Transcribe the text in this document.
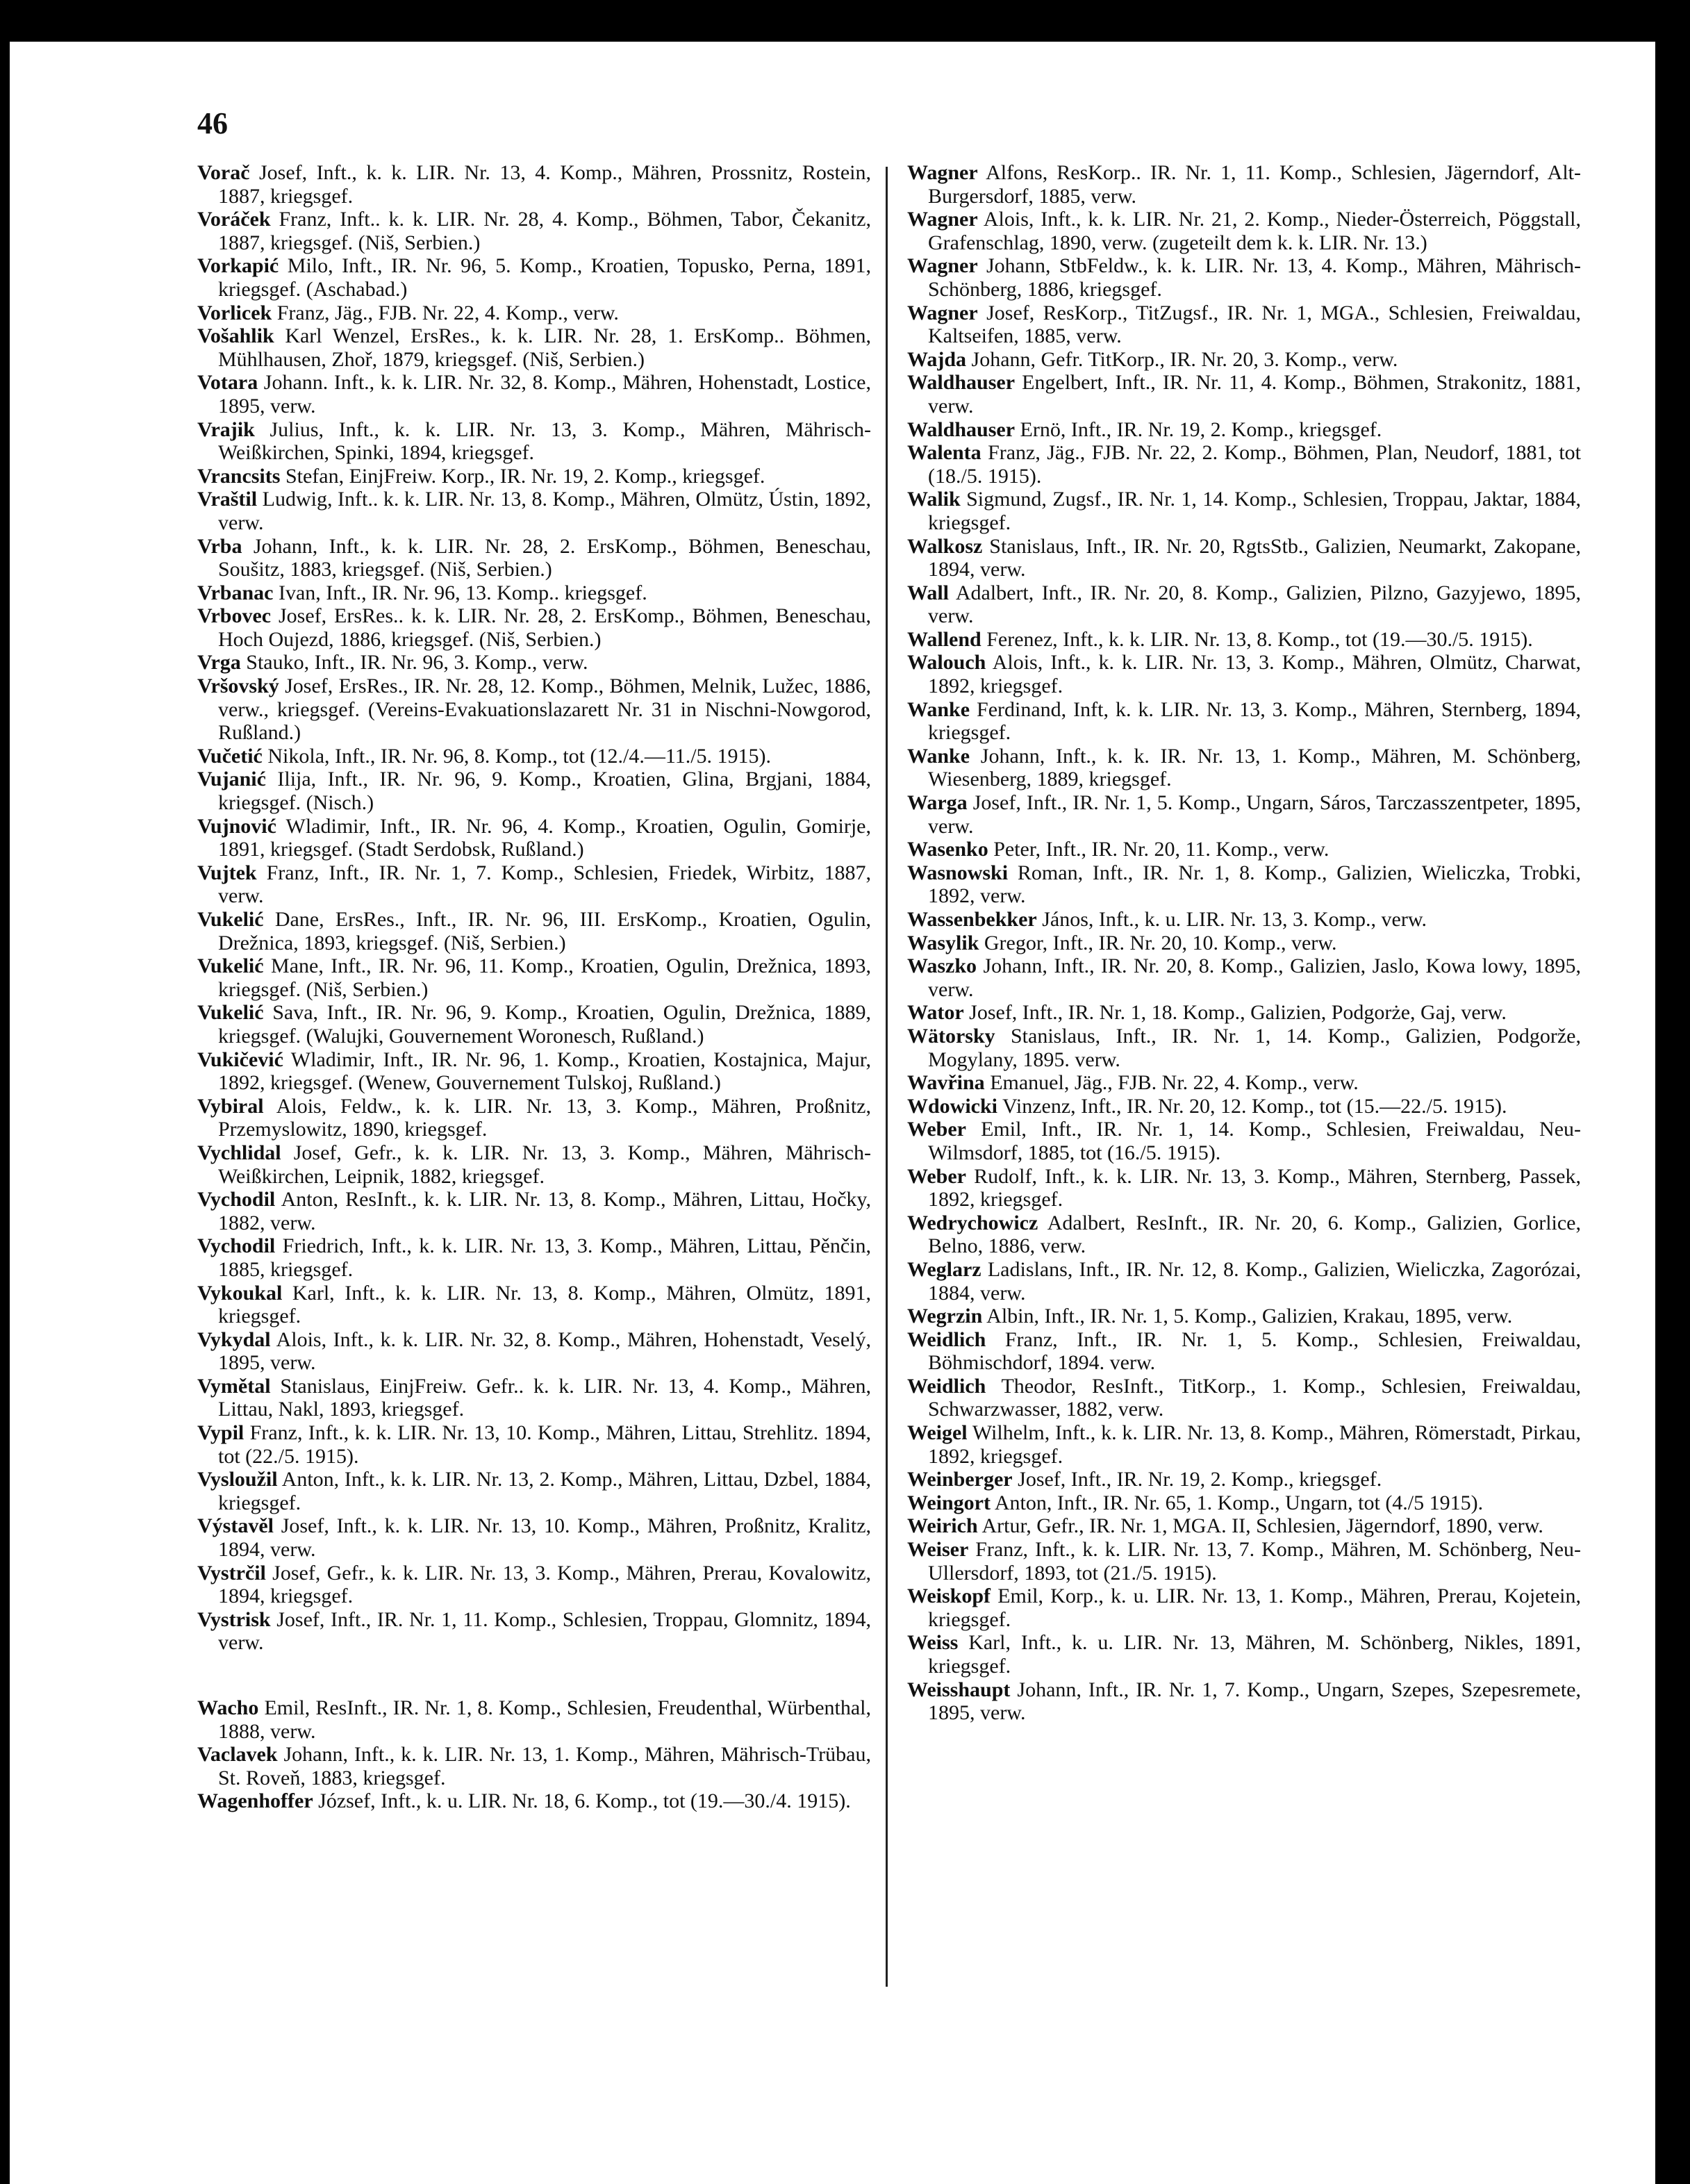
46

Vorač Josef, Inft., k. k. LIR. Nr. 13, 4. Komp., Mähren, Prossnitz, Rostein, 1887, kriegsgef.

Voráček Franz, Inft.. k. k. LIR. Nr. 28, 4. Komp., Böhmen, Tabor, Čekanitz, 1887, kriegsgef. (Niš, Serbien.)

Vorkapić Milo, Inft., IR. Nr. 96, 5. Komp., Kroatien, Topusko, Perna, 1891, kriegsgef. (Aschabad.)

Vorlicek Franz, Jäg., FJB. Nr. 22, 4. Komp., verw.

Vošahlik Karl Wenzel, ErsRes., k. k. LIR. Nr. 28, 1. ErsKomp.. Böhmen, Mühlhausen, Zhoř, 1879, kriegsgef. (Niš, Serbien.)

Votara Johann. Inft., k. k. LIR. Nr. 32, 8. Komp., Mähren, Hohenstadt, Lostice, 1895, verw.

Vrajik Julius, Inft., k. k. LIR. Nr. 13, 3. Komp., Mähren, Mährisch-Weißkirchen, Spinki, 1894, kriegsgef.

Vrancsits Stefan, EinjFreiw. Korp., IR. Nr. 19, 2. Komp., kriegsgef.

Vraštil Ludwig, Inft.. k. k. LIR. Nr. 13, 8. Komp., Mähren, Olmütz, Ústin, 1892, verw.

Vrba Johann, Inft., k. k. LIR. Nr. 28, 2. ErsKomp., Böhmen, Beneschau, Soušitz, 1883, kriegsgef. (Niš, Serbien.)

Vrbanac Ivan, Inft., IR. Nr. 96, 13. Komp.. kriegsgef.

Vrbovec Josef, ErsRes.. k. k. LIR. Nr. 28, 2. ErsKomp., Böhmen, Beneschau, Hoch Oujezd, 1886, kriegsgef. (Niš, Serbien.)

Vrga Stauko, Inft., IR. Nr. 96, 3. Komp., verw.

Vršovský Josef, ErsRes., IR. Nr. 28, 12. Komp., Böhmen, Melnik, Lužec, 1886, verw., kriegsgef. (Vereins-Evakuationslazarett Nr. 31 in Nischni-Nowgorod, Rußland.)

Vučetić Nikola, Inft., IR. Nr. 96, 8. Komp., tot (12./4.—11./5. 1915).

Vujanić Ilija, Inft., IR. Nr. 96, 9. Komp., Kroatien, Glina, Brgjani, 1884, kriegsgef. (Nisch.)

Vujnović Wladimir, Inft., IR. Nr. 96, 4. Komp., Kroatien, Ogulin, Gomirje, 1891, kriegsgef. (Stadt Serdobsk, Rußland.)

Vujtek Franz, Inft., IR. Nr. 1, 7. Komp., Schlesien, Friedek, Wirbitz, 1887, verw.

Vukelić Dane, ErsRes., Inft., IR. Nr. 96, III. ErsKomp., Kroatien, Ogulin, Drežnica, 1893, kriegsgef. (Niš, Serbien.)

Vukelić Mane, Inft., IR. Nr. 96, 11. Komp., Kroatien, Ogulin, Drežnica, 1893, kriegsgef. (Niš, Serbien.)

Vukelić Sava, Inft., IR. Nr. 96, 9. Komp., Kroatien, Ogulin, Drežnica, 1889, kriegsgef. (Walujki, Gouvernement Woronesch, Rußland.)

Vukičević Wladimir, Inft., IR. Nr. 96, 1. Komp., Kroatien, Kostajnica, Majur, 1892, kriegsgef. (Wenew, Gouvernement Tulskoj, Rußland.)

Vybiral Alois, Feldw., k. k. LIR. Nr. 13, 3. Komp., Mähren, Proßnitz, Przemyslowitz, 1890, kriegsgef.

Vychlidal Josef, Gefr., k. k. LIR. Nr. 13, 3. Komp., Mähren, Mährisch-Weißkirchen, Leipnik, 1882, kriegsgef.

Vychodil Anton, ResInft., k. k. LIR. Nr. 13, 8. Komp., Mähren, Littau, Hočky, 1882, verw.

Vychodil Friedrich, Inft., k. k. LIR. Nr. 13, 3. Komp., Mähren, Littau, Pěnčin, 1885, kriegsgef.

Vykoukal Karl, Inft., k. k. LIR. Nr. 13, 8. Komp., Mähren, Olmütz, 1891, kriegsgef.

Vykydal Alois, Inft., k. k. LIR. Nr. 32, 8. Komp., Mähren, Hohenstadt, Veselý, 1895, verw.

Vymětal Stanislaus, EinjFreiw. Gefr.. k. k. LIR. Nr. 13, 4. Komp., Mähren, Littau, Nakl, 1893, kriegsgef.

Vypil Franz, Inft., k. k. LIR. Nr. 13, 10. Komp., Mähren, Littau, Strehlitz. 1894, tot (22./5. 1915).

Vysloužil Anton, Inft., k. k. LIR. Nr. 13, 2. Komp., Mähren, Littau, Dzbel, 1884, kriegsgef.

Výstavěl Josef, Inft., k. k. LIR. Nr. 13, 10. Komp., Mähren, Proßnitz, Kralitz, 1894, verw.

Vystrčil Josef, Gefr., k. k. LIR. Nr. 13, 3. Komp., Mähren, Prerau, Kovalowitz, 1894, kriegsgef.

Vystrisk Josef, Inft., IR. Nr. 1, 11. Komp., Schlesien, Troppau, Glomnitz, 1894, verw.

Wacho Emil, ResInft., IR. Nr. 1, 8. Komp., Schlesien, Freudenthal, Würbenthal, 1888, verw.

Vaclavek Johann, Inft., k. k. LIR. Nr. 13, 1. Komp., Mähren, Mährisch-Trübau, St. Roveň, 1883, kriegsgef.

Wagenhoffer József, Inft., k. u. LIR. Nr. 18, 6. Komp., tot (19.—30./4. 1915).

Wagner Alfons, ResKorp.. IR. Nr. 1, 11. Komp., Schlesien, Jägerndorf, Alt-Burgersdorf, 1885, verw.

Wagner Alois, Inft., k. k. LIR. Nr. 21, 2. Komp., Nieder-Österreich, Pöggstall, Grafenschlag, 1890, verw. (zugeteilt dem k. k. LIR. Nr. 13.)

Wagner Johann, StbFeldw., k. k. LIR. Nr. 13, 4. Komp., Mähren, Mährisch-Schönberg, 1886, kriegsgef.

Wagner Josef, ResKorp., TitZugsf., IR. Nr. 1, MGA., Schlesien, Freiwaldau, Kaltseifen, 1885, verw.

Wajda Johann, Gefr. TitKorp., IR. Nr. 20, 3. Komp., verw.

Waldhauser Engelbert, Inft., IR. Nr. 11, 4. Komp., Böhmen, Strakonitz, 1881, verw.

Waldhauser Ernö, Inft., IR. Nr. 19, 2. Komp., kriegsgef.

Walenta Franz, Jäg., FJB. Nr. 22, 2. Komp., Böhmen, Plan, Neudorf, 1881, tot (18./5. 1915).

Walik Sigmund, Zugsf., IR. Nr. 1, 14. Komp., Schlesien, Troppau, Jaktar, 1884, kriegsgef.

Walkosz Stanislaus, Inft., IR. Nr. 20, RgtsStb., Galizien, Neumarkt, Zakopane, 1894, verw.

Wall Adalbert, Inft., IR. Nr. 20, 8. Komp., Galizien, Pilzno, Gazyjewo, 1895, verw.

Wallend Ferenez, Inft., k. k. LIR. Nr. 13, 8. Komp., tot (19.—30./5. 1915).

Walouch Alois, Inft., k. k. LIR. Nr. 13, 3. Komp., Mähren, Olmütz, Charwat, 1892, kriegsgef.

Wanke Ferdinand, Inft, k. k. LIR. Nr. 13, 3. Komp., Mähren, Sternberg, 1894, kriegsgef.

Wanke Johann, Inft., k. k. IR. Nr. 13, 1. Komp., Mähren, M. Schönberg, Wiesenberg, 1889, kriegsgef.

Warga Josef, Inft., IR. Nr. 1, 5. Komp., Ungarn, Sáros, Tarczasszentpeter, 1895, verw.

Wasenko Peter, Inft., IR. Nr. 20, 11. Komp., verw.

Wasnowski Roman, Inft., IR. Nr. 1, 8. Komp., Galizien, Wieliczka, Trobki, 1892, verw.

Wassenbekker János, Inft., k. u. LIR. Nr. 13, 3. Komp., verw.

Wasylik Gregor, Inft., IR. Nr. 20, 10. Komp., verw.

Waszko Johann, Inft., IR. Nr. 20, 8. Komp., Galizien, Jaslo, Kowa lowy, 1895, verw.

Wator Josef, Inft., IR. Nr. 1, 18. Komp., Galizien, Podgorże, Gaj, verw.

Wätorsky Stanislaus, Inft., IR. Nr. 1, 14. Komp., Galizien, Podgorže, Mogylany, 1895. verw.

Wavřina Emanuel, Jäg., FJB. Nr. 22, 4. Komp., verw.

Wdowicki Vinzenz, Inft., IR. Nr. 20, 12. Komp., tot (15.—22./5. 1915).

Weber Emil, Inft., IR. Nr. 1, 14. Komp., Schlesien, Freiwaldau, Neu-Wilmsdorf, 1885, tot (16./5. 1915).

Weber Rudolf, Inft., k. k. LIR. Nr. 13, 3. Komp., Mähren, Sternberg, Passek, 1892, kriegsgef.

Wedrychowicz Adalbert, ResInft., IR. Nr. 20, 6. Komp., Galizien, Gorlice, Belno, 1886, verw.

Weglarz Ladislans, Inft., IR. Nr. 12, 8. Komp., Galizien, Wieliczka, Zagorózai, 1884, verw.

Wegrzin Albin, Inft., IR. Nr. 1, 5. Komp., Galizien, Krakau, 1895, verw.

Weidlich Franz, Inft., IR. Nr. 1, 5. Komp., Schlesien, Freiwaldau, Böhmischdorf, 1894. verw.

Weidlich Theodor, ResInft., TitKorp., 1. Komp., Schlesien, Freiwaldau, Schwarzwasser, 1882, verw.

Weigel Wilhelm, Inft., k. k. LIR. Nr. 13, 8. Komp., Mähren, Römerstadt, Pirkau, 1892, kriegsgef.

Weinberger Josef, Inft., IR. Nr. 19, 2. Komp., kriegsgef.

Weingort Anton, Inft., IR. Nr. 65, 1. Komp., Ungarn, tot (4./5 1915).

Weirich Artur, Gefr., IR. Nr. 1, MGA. II, Schlesien, Jägerndorf, 1890, verw.

Weiser Franz, Inft., k. k. LIR. Nr. 13, 7. Komp., Mähren, M. Schönberg, Neu-Ullersdorf, 1893, tot (21./5. 1915).

Weiskopf Emil, Korp., k. u. LIR. Nr. 13, 1. Komp., Mähren, Prerau, Kojetein, kriegsgef.

Weiss Karl, Inft., k. u. LIR. Nr. 13, Mähren, M. Schönberg, Nikles, 1891, kriegsgef.

Weisshaupt Johann, Inft., IR. Nr. 1, 7. Komp., Ungarn, Szepes, Szepesremete, 1895, verw.
